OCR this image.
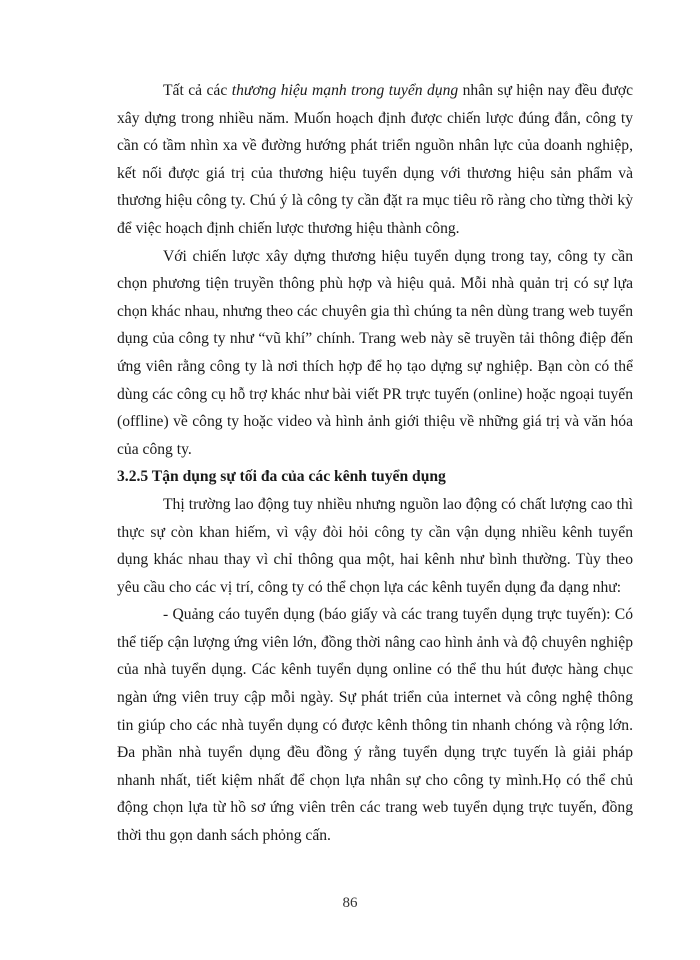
Tất cả các thương hiệu mạnh trong tuyển dụng nhân sự hiện nay đều được xây dựng trong nhiều năm. Muốn hoạch định được chiến lược đúng đắn, công ty cần có tầm nhìn xa về đường hướng phát triển nguồn nhân lực của doanh nghiệp, kết nối được giá trị của thương hiệu tuyển dụng với thương hiệu sản phẩm và thương hiệu công ty. Chú ý là công ty cần đặt ra mục tiêu rõ ràng cho từng thời kỳ để việc hoạch định chiến lược thương hiệu thành công.

Với chiến lược xây dựng thương hiệu tuyển dụng trong tay, công ty cần chọn phương tiện truyền thông phù hợp và hiệu quả. Mỗi nhà quản trị có sự lựa chọn khác nhau, nhưng theo các chuyên gia thì chúng ta nên dùng trang web tuyển dụng của công ty như “vũ khí” chính. Trang web này sẽ truyền tải thông điệp đến ứng viên rằng công ty là nơi thích hợp để họ tạo dựng sự nghiệp. Bạn còn có thể dùng các công cụ hỗ trợ khác như bài viết PR trực tuyến (online) hoặc ngoại tuyến (offline) về công ty hoặc video và hình ảnh giới thiệu về những giá trị và văn hóa của công ty.

3.2.5 Tận dụng sự tối đa của các kênh tuyển dụng

Thị trường lao động tuy nhiều nhưng nguồn lao động có chất lượng cao thì thực sự còn khan hiếm, vì vậy đòi hỏi công ty cần vận dụng nhiều kênh tuyển dụng khác nhau thay vì chỉ thông qua một, hai kênh như bình thường. Tùy theo yêu cầu cho các vị trí, công ty có thể chọn lựa các kênh tuyển dụng đa dạng như:

- Quảng cáo tuyển dụng (báo giấy và các trang tuyển dụng trực tuyến): Có thể tiếp cận lượng ứng viên lớn, đồng thời nâng cao hình ảnh và độ chuyên nghiệp của nhà tuyển dụng. Các kênh tuyển dụng online có thể thu hút được hàng chục ngàn ứng viên truy cập mỗi ngày. Sự phát triển của internet và công nghệ thông tin giúp cho các nhà tuyển dụng có được kênh thông tin nhanh chóng và rộng lớn. Đa phần nhà tuyển dụng đều đồng ý rằng tuyển dụng trực tuyến là giải pháp nhanh nhất, tiết kiệm nhất để chọn lựa nhân sự cho công ty mình.Họ có thể chủ động chọn lựa từ hồ sơ ứng viên trên các trang web tuyển dụng trực tuyến, đồng thời thu gọn danh sách phỏng cấn.

86
